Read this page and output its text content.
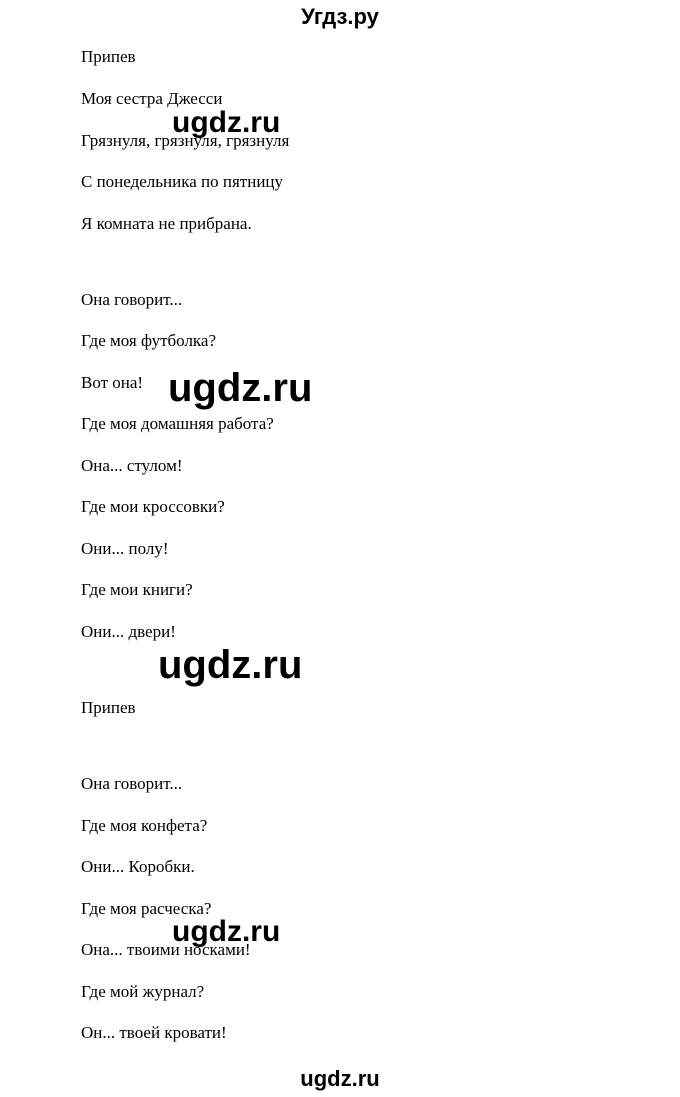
Угдз.ру
Припев
Моя сестра Джесси
Грязнуля, грязнуля, грязнуля
С понедельника по пятницу
Я комната не прибрана.
Она говорит...
Где моя футболка?
Вот она!
Где моя домашняя работа?
Она... стулом!
Где мои кроссовки?
Они... полу!
Где мои книги?
Они... двери!
Припев
Она говорит...
Где моя конфета?
Они... Коробки.
Где моя расческа?
Она... твоими носками!
Где мой журнал?
Он... твоей кровати!
ugdz.ru
ugdz.ru
ugdz.ru
ugdz.ru
ugdz.ru
